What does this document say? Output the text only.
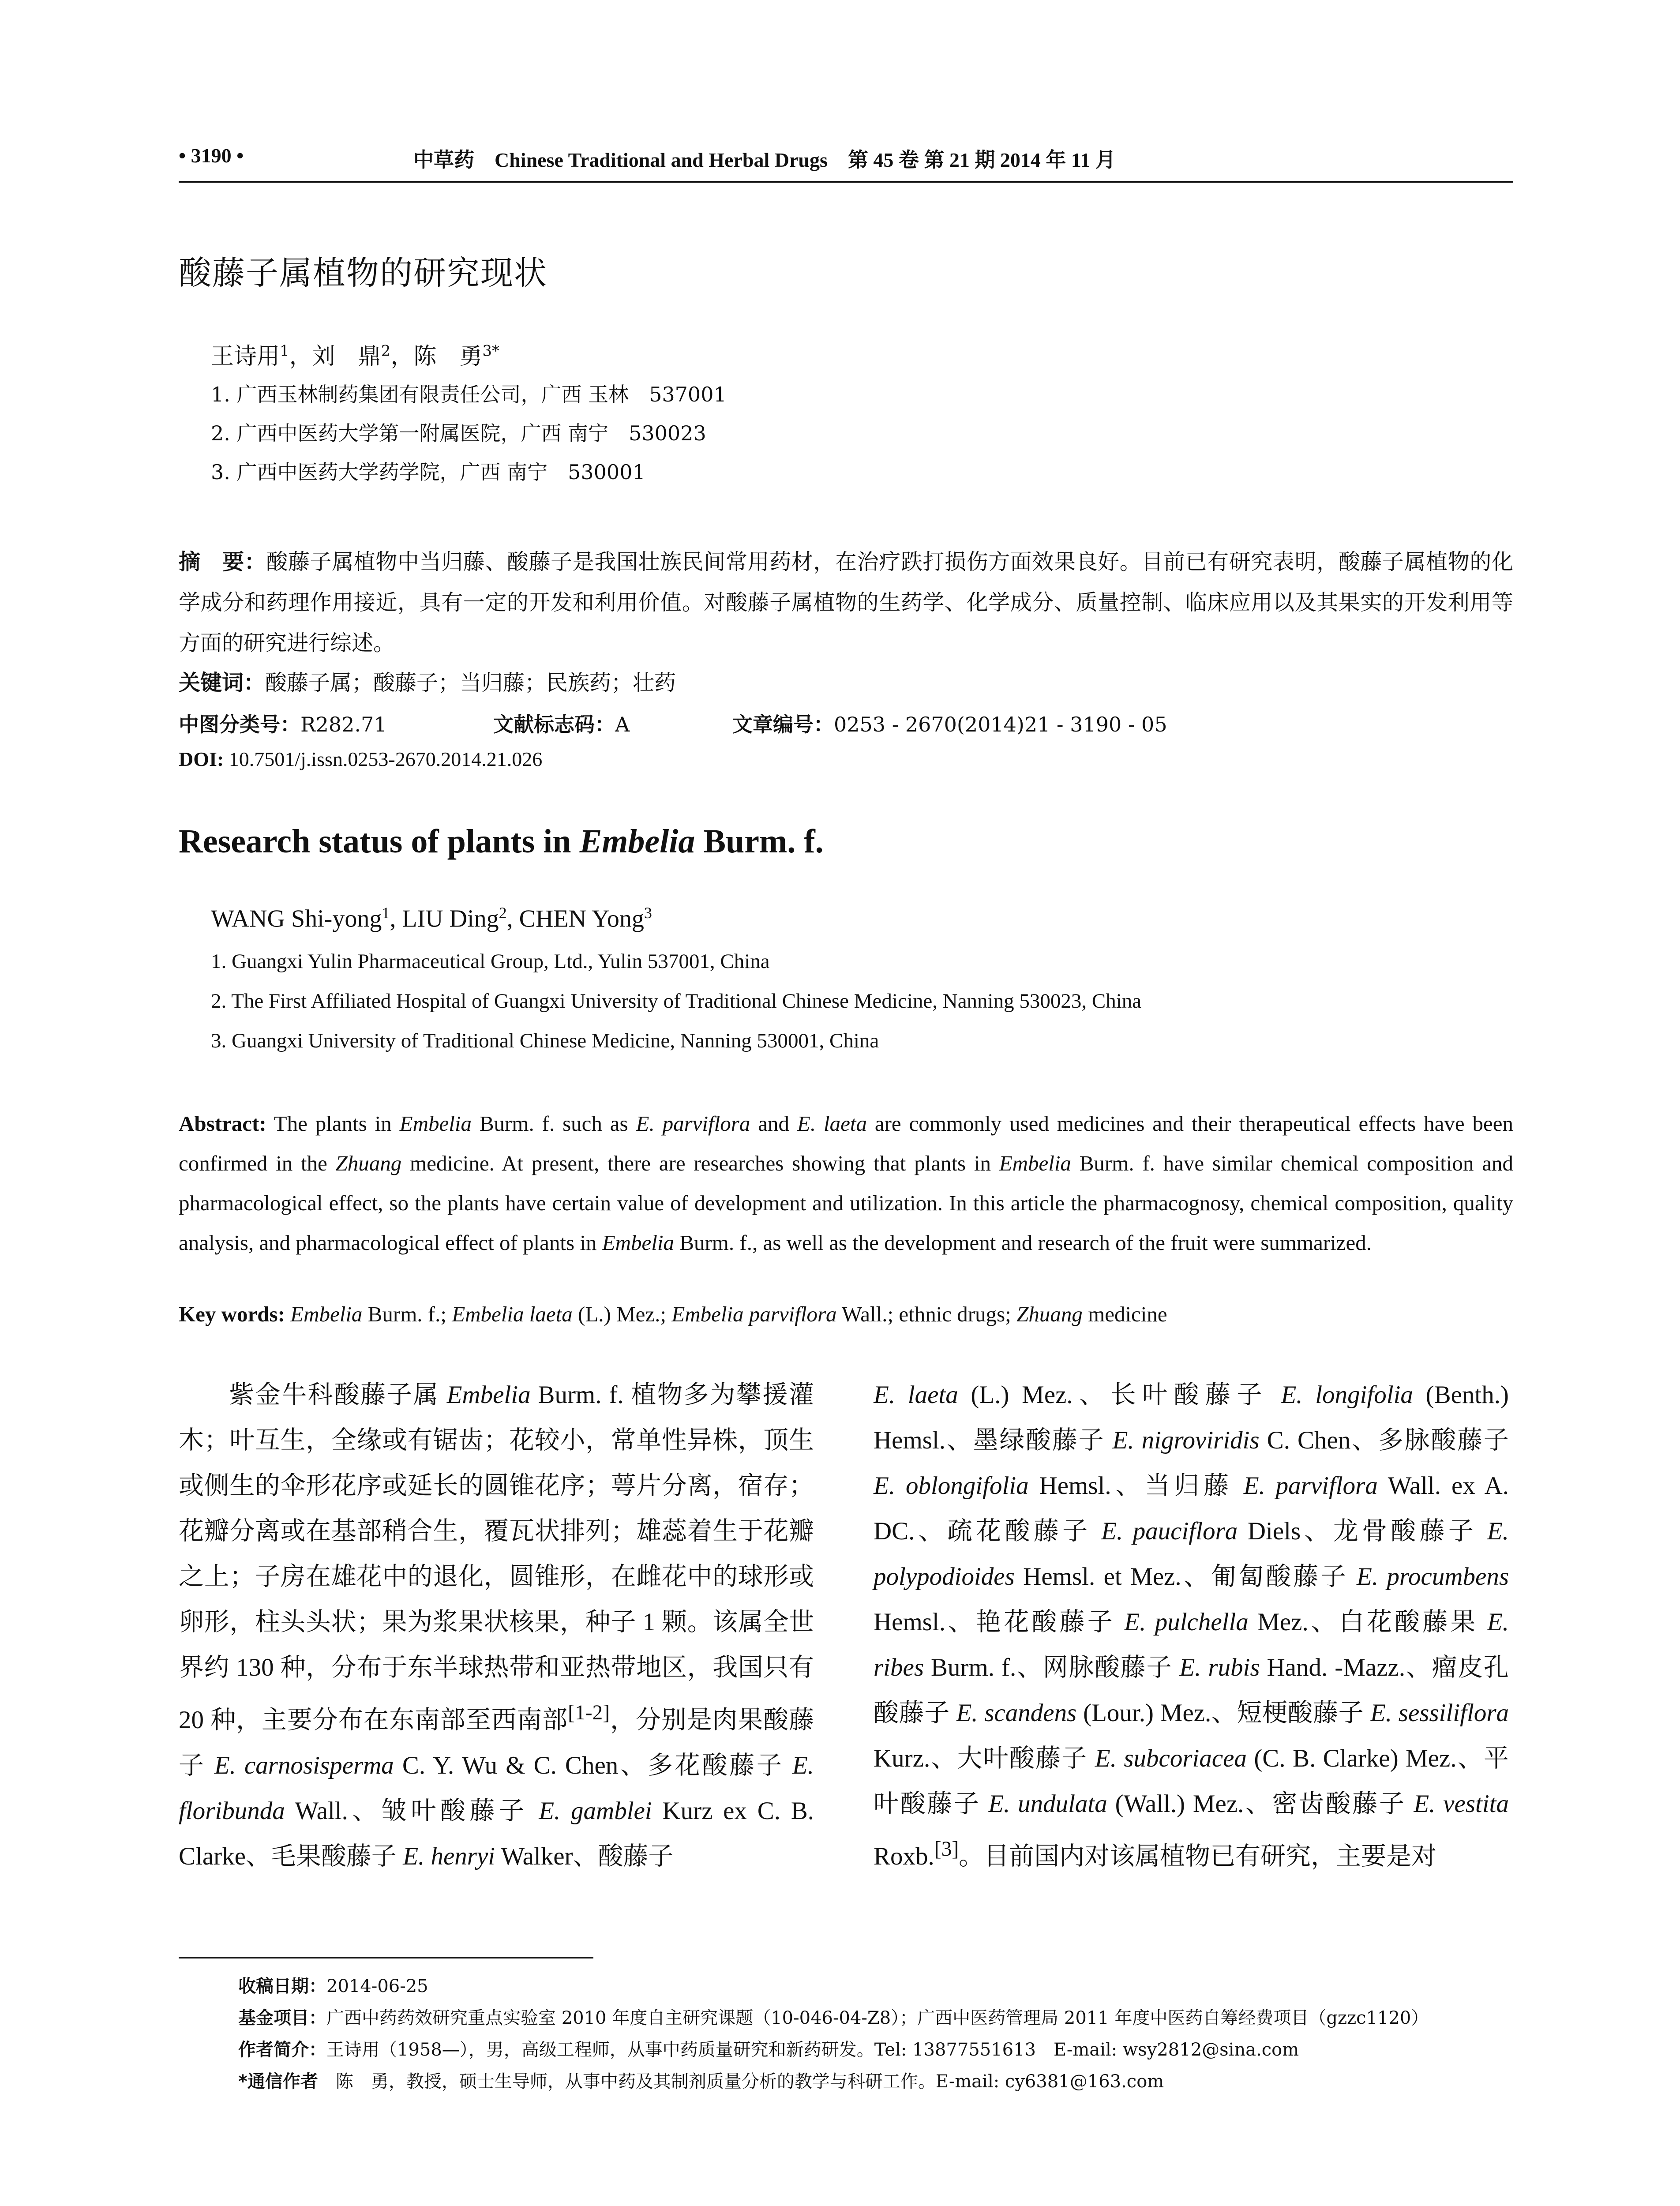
• 3190 •	中草药 Chinese Traditional and Herbal Drugs 第 45 卷 第 21 期 2014 年 11 月
酸藤子属植物的研究现状
王诗用$^1$，刘　鼎$^2$，陈　勇$^{3*}$
1. 广西玉林制药集团有限责任公司，广西 玉林　537001
2. 广西中医药大学第一附属医院，广西 南宁　530023
3. 广西中医药大学药学院，广西 南宁　530001
摘　要：酸藤子属植物中当归藤、酸藤子是我国壮族民间常用药材，在治疗跌打损伤方面效果良好。目前已有研究表明，酸藤子属植物的化学成分和药理作用接近，具有一定的开发和利用价值。对酸藤子属植物的生药学、化学成分、质量控制、临床应用以及其果实的开发利用等方面的研究进行综述。
关键词：酸藤子属；酸藤子；当归藤；民族药；壮药
中图分类号：R282.71	文献标志码：A	文章编号：0253 - 2670(2014)21 - 3190 - 05
DOI: 10.7501/j.issn.0253-2670.2014.21.026
Research status of plants in Embelia Burm. f.
WANG Shi-yong$^1$, LIU Ding$^2$, CHEN Yong$^3$
1. Guangxi Yulin Pharmaceutical Group, Ltd., Yulin 537001, China
2. The First Affiliated Hospital of Guangxi University of Traditional Chinese Medicine, Nanning 530023, China
3. Guangxi University of Traditional Chinese Medicine, Nanning 530001, China
Abstract: The plants in Embelia Burm. f. such as E. parviflora and E. laeta are commonly used medicines and their therapeutical effects have been confirmed in the Zhuang medicine. At present, there are researches showing that plants in Embelia Burm. f. have similar chemical composition and pharmacological effect, so the plants have certain value of development and utilization. In this article the pharmacognosy, chemical composition, quality analysis, and pharmacological effect of plants in Embelia Burm. f., as well as the development and research of the fruit were summarized.
Key words: Embelia Burm. f.; Embelia laeta (L.) Mez.; Embelia parviflora Wall.; ethnic drugs; Zhuang medicine
紫金牛科酸藤子属 Embelia Burm. f. 植物多为攀援灌木；叶互生，全缘或有锯齿；花较小，常单性异株，顶生或侧生的伞形花序或延长的圆锥花序；萼片分离，宿存；花瓣分离或在基部稍合生，覆瓦状排列；雄蕊着生于花瓣之上；子房在雄花中的退化，圆锥形，在雌花中的球形或卵形，柱头头状；果为浆果状核果，种子 1 颗。该属全世界约 130 种，分布于东半球热带和亚热带地区，我国只有 20 种，主要分布在东南部至西南部[1-2]，分别是肉果酸藤子 E. carnosisperma C. Y. Wu & C. Chen、多花酸藤子 E. floribunda Wall.、皱叶酸藤子 E. gamblei Kurz ex C. B. Clarke、毛果酸藤子 E. henryi Walker、酸藤子
E. laeta (L.) Mez.、长叶酸藤子 E. longifolia (Benth.) Hemsl.、墨绿酸藤子 E. nigroviridis C. Chen、多脉酸藤子 E. oblongifolia Hemsl.、当归藤 E. parviflora Wall. ex A. DC.、疏花酸藤子 E. pauciflora Diels、龙骨酸藤子 E. polypodioides Hemsl. et Mez.、匍匐酸藤子 E. procumbens Hemsl.、艳花酸藤子 E. pulchella Mez.、白花酸藤果 E. ribes Burm. f.、网脉酸藤子 E. rubis Hand. -Mazz.、瘤皮孔酸藤子 E. scandens (Lour.) Mez.、短梗酸藤子 E. sessiliflora Kurz.、大叶酸藤子 E. subcoriacea (C. B. Clarke) Mez.、平叶酸藤子 E. undulata (Wall.) Mez.、密齿酸藤子 E. vestita Roxb.[3]。目前国内对该属植物已有研究，主要是对
收稿日期：2014-06-25
基金项目：广西中药药效研究重点实验室 2010 年度自主研究课题（10-046-04-Z8）；广西中医药管理局 2011 年度中医药自筹经费项目（gzzc1120）
作者简介：王诗用（1958—），男，高级工程师，从事中药质量研究和新药研发。Tel: 13877551613　E-mail: wsy2812@sina.com
*通信作者　陈　勇，教授，硕士生导师，从事中药及其制剂质量分析的教学与科研工作。E-mail: cy6381@163.com
